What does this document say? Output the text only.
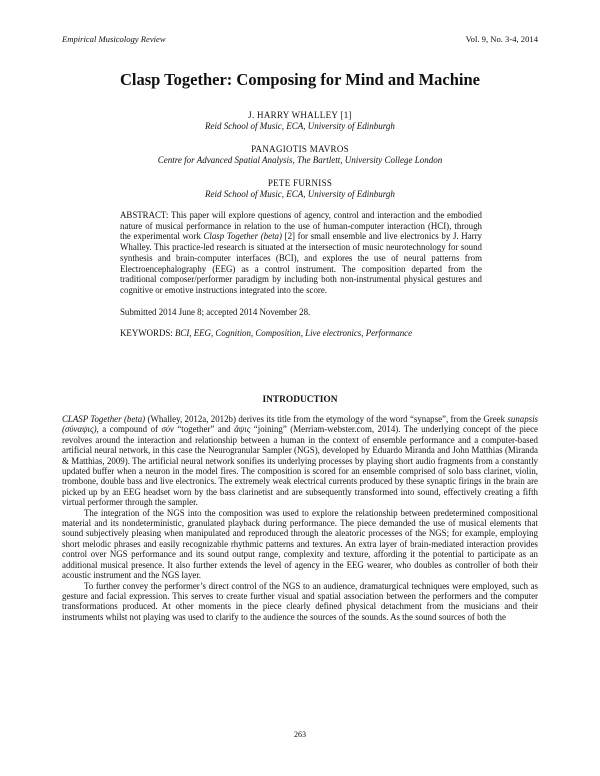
Empirical Musicology Review	Vol. 9, No. 3-4, 2014
Clasp Together: Composing for Mind and Machine
J. HARRY WHALLEY [1]
Reid School of Music, ECA, University of Edinburgh
PANAGIOTIS MAVROS
Centre for Advanced Spatial Analysis, The Bartlett, University College London
PETE FURNISS
Reid School of Music, ECA, University of Edinburgh

ABSTRACT: This paper will explore questions of agency, control and interaction and the embodied nature of musical performance in relation to the use of human-computer interaction (HCI), through the experimental work Clasp Together (beta) [2] for small ensemble and live electronics by J. Harry Whalley. This practice-led research is situated at the intersection of music neurotechnology for sound synthesis and brain-computer interfaces (BCI), and explores the use of neural patterns from Electroencephalography (EEG) as a control instrument. The composition departed from the traditional composer/performer paradigm by including both non-instrumental physical gestures and cognitive or emotive instructions integrated into the score.

Submitted 2014 June 8; accepted 2014 November 28.

KEYWORDS: BCI, EEG, Cognition, Composition, Live electronics, Performance

INTRODUCTION

CLASP Together (beta) (Whalley, 2012a, 2012b) derives its title from the etymology of the word “synapse”, from the Greek sunapsis (σύναψις), a compound of σύν “together” and ἅψις “joining” (Merriam-webster.com, 2014). The underlying concept of the piece revolves around the interaction and relationship between a human in the context of ensemble performance and a computer-based artificial neural network, in this case the Neurogranular Sampler (NGS), developed by Eduardo Miranda and John Matthias (Miranda & Matthias, 2009). The artificial neural network sonifies its underlying processes by playing short audio fragments from a constantly updated buffer when a neuron in the model fires. The composition is scored for an ensemble comprised of solo bass clarinet, violin, trombone, double bass and live electronics. The extremely weak electrical currents produced by these synaptic firings in the brain are picked up by an EEG headset worn by the bass clarinetist and are subsequently transformed into sound, effectively creating a fifth virtual performer through the sampler.

The integration of the NGS into the composition was used to explore the relationship between predetermined compositional material and its nondeterministic, granulated playback during performance. The piece demanded the use of musical elements that sound subjectively pleasing when manipulated and reproduced through the aleatoric processes of the NGS; for example, employing short melodic phrases and easily recognizable rhythmic patterns and textures. An extra layer of brain-mediated interaction provides control over NGS performance and its sound output range, complexity and texture, affording it the potential to participate as an additional musical presence. It also further extends the level of agency in the EEG wearer, who doubles as controller of both their acoustic instrument and the NGS layer.

To further convey the performer’s direct control of the NGS to an audience, dramaturgical techniques were employed, such as gesture and facial expression. This serves to create further visual and spatial association between the performers and the computer transformations produced. At other moments in the piece clearly defined physical detachment from the musicians and their instruments whilst not playing was used to clarify to the audience the sources of the sounds. As the sound sources of both the

263
